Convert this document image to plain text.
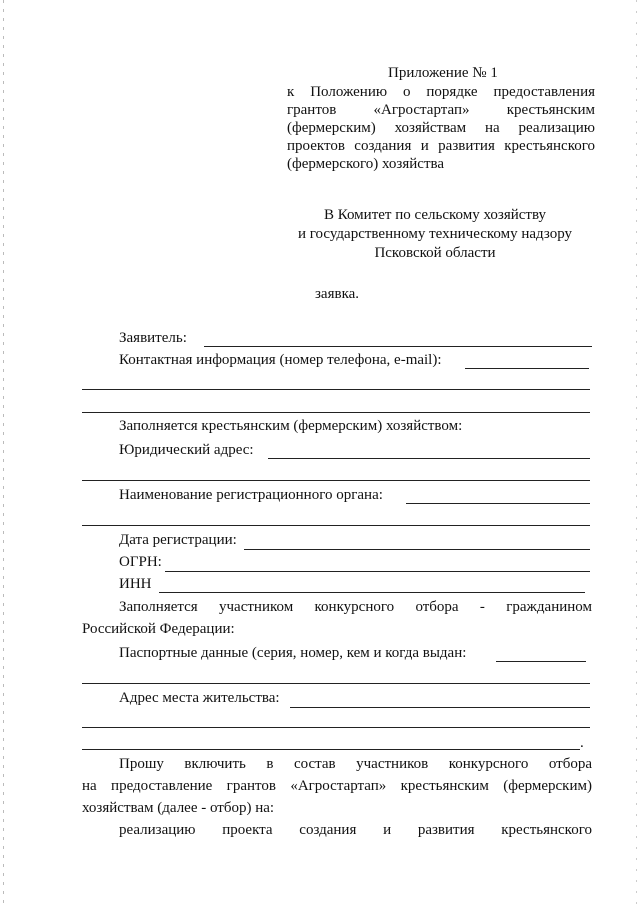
Приложение № 1
к Положению о порядке предоставления
грантов «Агростартап» крестьянским
(фермерским) хозяйствам на реализацию
проектов создания и развития крестьянского
(фермерского) хозяйства
В Комитет по сельскому хозяйству
и государственному техническому надзору
Псковской области
заявка.
Заявитель:
Контактная информация (номер телефона, e-mail):
Заполняется крестьянским (фермерским) хозяйством:
Юридический адрес:
Наименование регистрационного органа:
Дата регистрации:
ОГРН:
ИНН
Заполняется участником конкурсного отбора - гражданином
Российской Федерации:
Паспортные данные (серия, номер, кем и когда выдан:
Адрес места жительства:
.
Прошу включить в состав участников конкурсного отбора
на предоставление грантов «Агростартап» крестьянским (фермерским)
хозяйствам (далее - отбор) на:
реализацию проекта создания и развития крестьянского
